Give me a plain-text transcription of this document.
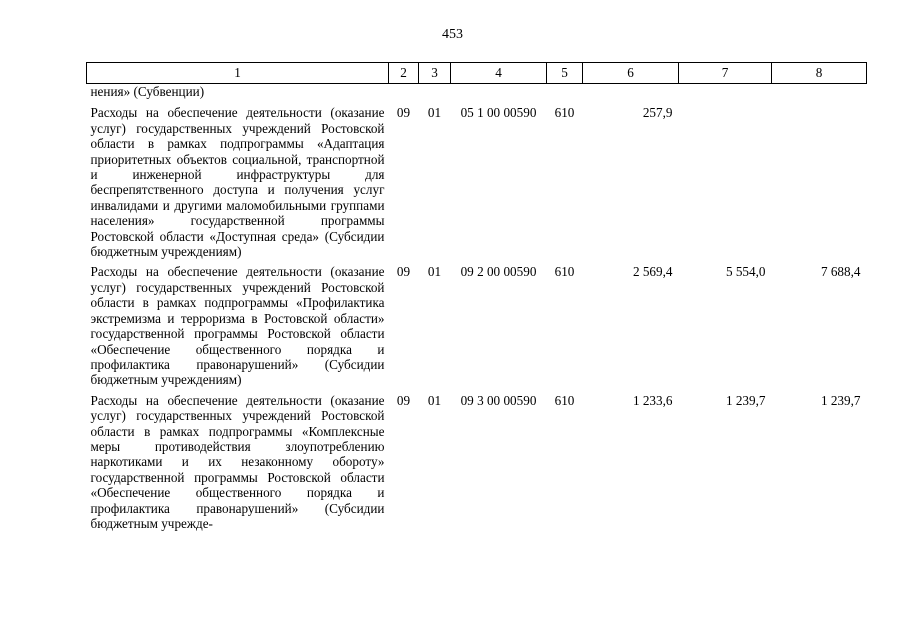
453
1	2	3	4	5	6	7	8
нения» (Субвенции)							
Расходы на обеспечение деятельности (оказание услуг) государственных учреждений Ростовской области в рамках подпрограммы «Адаптация приоритетных объектов социальной, транспортной и инженерной инфраструктуры для беспрепятственного доступа и получения услуг инвалидами и другими маломобильными группами населения» государственной программы Ростовской области «Доступная среда» (Субсидии бюджетным учреждениям)	09	01	05 1 00 00590	610	257,9		
Расходы на обеспечение деятельности (оказание услуг) государственных учреждений Ростовской области в рамках подпрограммы «Профилактика экстремизма и терроризма в Ростовской области» государственной программы Ростовской области «Обеспечение общественного порядка и профилактика правонарушений» (Субсидии бюджетным учреждениям)	09	01	09 2 00 00590	610	2 569,4	5 554,0	7 688,4
Расходы на обеспечение деятельности (оказание услуг) государственных учреждений Ростовской области в рамках подпрограммы «Комплексные меры противодействия злоупотреблению наркотиками и их незаконному обороту» государственной программы Ростовской области «Обеспечение общественного порядка и профилактика правонарушений» (Субсидии бюджетным учрежде-	09	01	09 3 00 00590	610	1 233,6	1 239,7	1 239,7
